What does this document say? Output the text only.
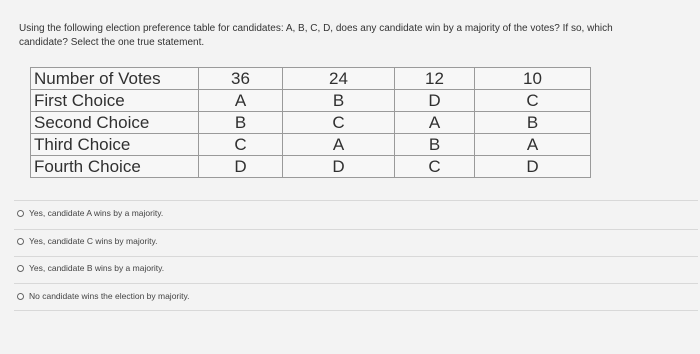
Using the following election preference table for candidates: A, B, C, D, does any candidate win by a majority of the votes? If so, which
candidate? Select the one true statement.
Number of Votes	36	24	12	10
First Choice	A	B	D	C
Second Choice	B	C	A	B
Third Choice	C	A	B	A
Fourth Choice	D	D	C	D
Yes, candidate A wins by a majority.
Yes, candidate C wins by majority.
Yes, candidate B wins by a majority.
No candidate wins the election by majority.
